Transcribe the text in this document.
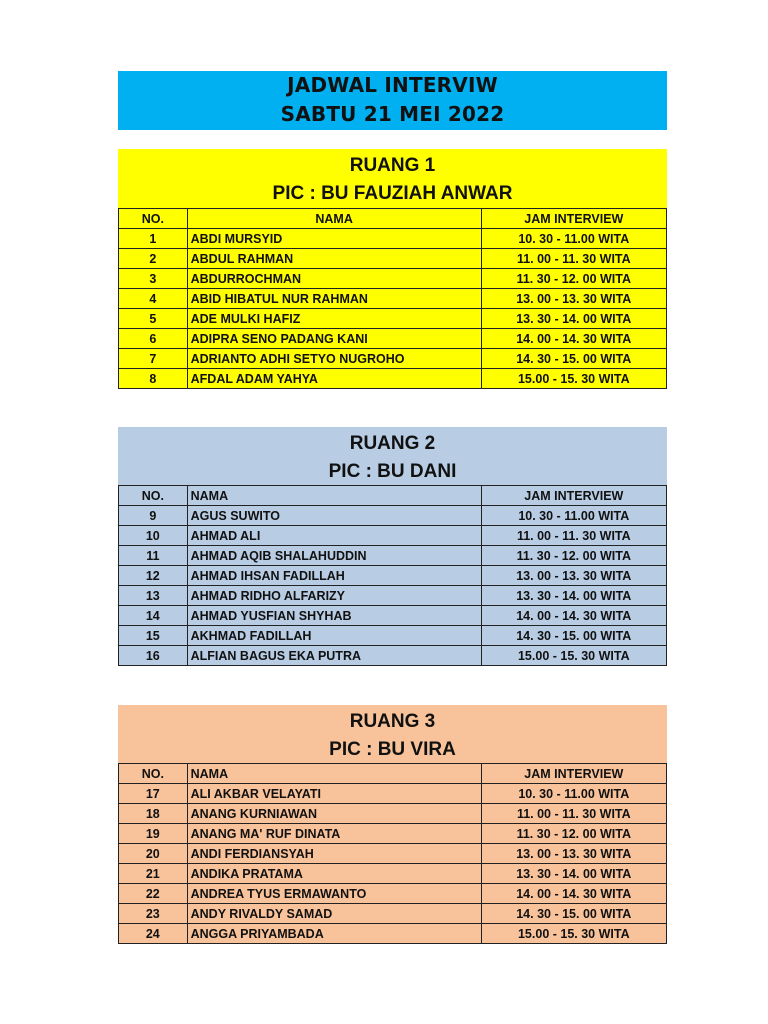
JADWAL INTERVIW
SABTU 21 MEI 2022
RUANG 1
PIC : BU FAUZIAH ANWAR
NO.	NAMA	JAM INTERVIEW
1	ABDI MURSYID	10. 30 - 11.00 WITA
2	ABDUL RAHMAN	11. 00 - 11. 30 WITA
3	ABDURROCHMAN	11. 30 - 12. 00 WITA
4	ABID HIBATUL NUR RAHMAN	13. 00 - 13. 30 WITA
5	ADE MULKI HAFIZ	13. 30 - 14. 00 WITA
6	ADIPRA SENO PADANG KANI	14. 00 - 14. 30 WITA
7	ADRIANTO ADHI SETYO NUGROHO	14. 30 - 15. 00 WITA
8	AFDAL ADAM YAHYA	15.00 - 15. 30 WITA
RUANG 2
PIC : BU DANI
NO.	NAMA	JAM INTERVIEW
9	AGUS SUWITO	10. 30 - 11.00 WITA
10	AHMAD ALI	11. 00 - 11. 30 WITA
11	AHMAD AQIB SHALAHUDDIN	11. 30 - 12. 00 WITA
12	AHMAD IHSAN FADILLAH	13. 00 - 13. 30 WITA
13	AHMAD RIDHO ALFARIZY	13. 30 - 14. 00 WITA
14	AHMAD YUSFIAN SHYHAB	14. 00 - 14. 30 WITA
15	AKHMAD FADILLAH	14. 30 - 15. 00 WITA
16	ALFIAN BAGUS EKA PUTRA	15.00 - 15. 30 WITA
RUANG 3
PIC : BU VIRA
NO.	NAMA	JAM INTERVIEW
17	ALI AKBAR VELAYATI	10. 30 - 11.00 WITA
18	ANANG KURNIAWAN	11. 00 - 11. 30 WITA
19	ANANG MA' RUF DINATA	11. 30 - 12. 00 WITA
20	ANDI FERDIANSYAH	13. 00 - 13. 30 WITA
21	ANDIKA PRATAMA	13. 30 - 14. 00 WITA
22	ANDREA TYUS ERMAWANTO	14. 00 - 14. 30 WITA
23	ANDY RIVALDY SAMAD	14. 30 - 15. 00 WITA
24	ANGGA PRIYAMBADA	15.00 - 15. 30 WITA
